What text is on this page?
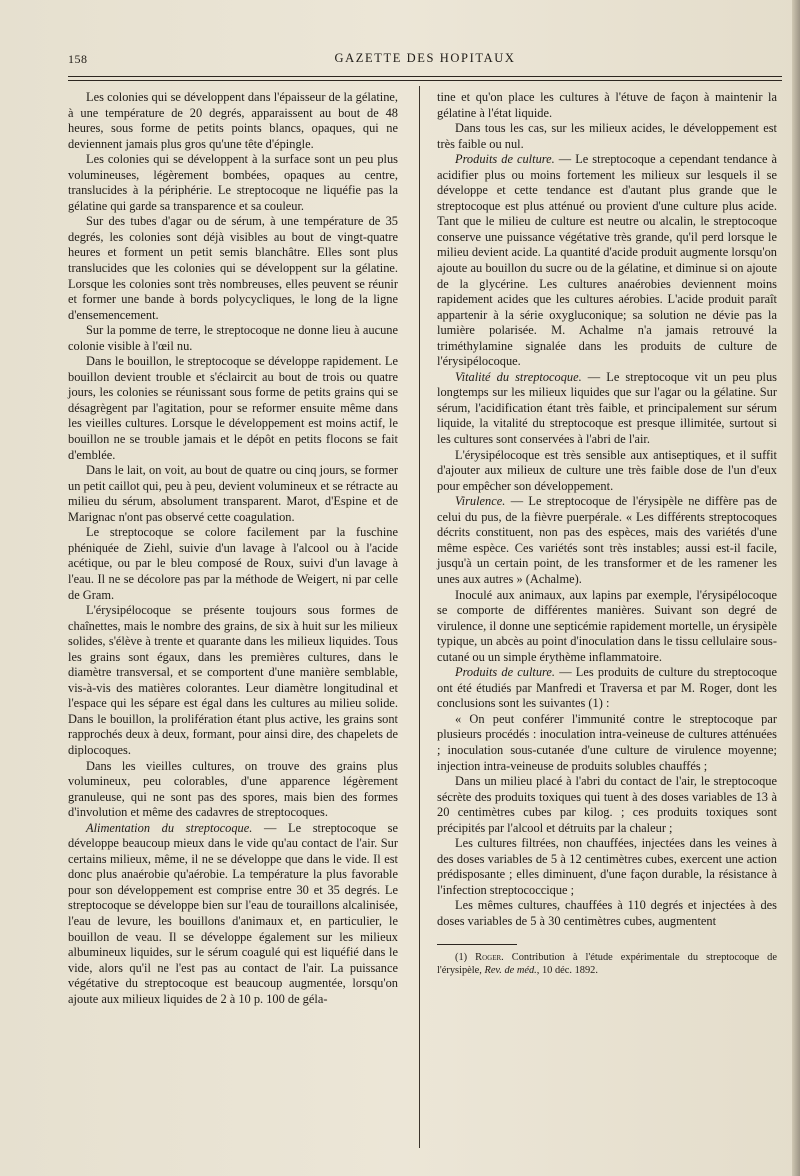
158	GAZETTE DES HOPITAUX

Les colonies qui se développent dans l'épaisseur de la gélatine, à une température de 20 degrés, apparaissent au bout de 48 heures, sous forme de petits points blancs, opaques, qui ne deviennent jamais plus gros qu'une tête d'épingle.

Les colonies qui se développent à la surface sont un peu plus volumineuses, légèrement bombées, opaques au centre, translucides à la périphérie. Le streptocoque ne liquéfie pas la gélatine qui garde sa transparence et sa couleur.

Sur des tubes d'agar ou de sérum, à une température de 35 degrés, les colonies sont déjà visibles au bout de vingt-quatre heures et forment un petit semis blanchâtre. Elles sont plus translucides que les colonies qui se développent sur la gélatine. Lorsque les colonies sont très nombreuses, elles peuvent se réunir et former une bande à bords polycycliques, le long de la ligne d'ensemencement.

Sur la pomme de terre, le streptocoque ne donne lieu à aucune colonie visible à l'œil nu.

Dans le bouillon, le streptocoque se développe rapidement. Le bouillon devient trouble et s'éclaircit au bout de trois ou quatre jours, les colonies se réunissant sous forme de petits grains qui se désagrègent par l'agitation, pour se reformer ensuite même dans les vieilles cultures. Lorsque le développement est moins actif, le bouillon ne se trouble jamais et le dépôt en petits flocons se fait d'emblée.

Dans le lait, on voit, au bout de quatre ou cinq jours, se former un petit caillot qui, peu à peu, devient volumineux et se rétracte au milieu du sérum, absolument transparent. Marot, d'Espine et de Marignac n'ont pas observé cette coagulation.

Le streptocoque se colore facilement par la fuschine phéniquée de Ziehl, suivie d'un lavage à l'alcool ou à l'acide acétique, ou par le bleu composé de Roux, suivi d'un lavage à l'eau. Il ne se décolore pas par la méthode de Weigert, ni par celle de Gram.

L'érysipélocoque se présente toujours sous formes de chaînettes, mais le nombre des grains, de six à huit sur les milieux solides, s'élève à trente et quarante dans les milieux liquides. Tous les grains sont égaux, dans les premières cultures, dans le diamètre transversal, et se comportent d'une manière semblable, vis-à-vis des matières colorantes. Leur diamètre longitudinal et l'espace qui les sépare est égal dans les cultures au milieu solide. Dans le bouillon, la prolifération étant plus active, les grains sont rapprochés deux à deux, formant, pour ainsi dire, des chapelets de diplocoques.

Dans les vieilles cultures, on trouve des grains plus volumineux, peu colorables, d'une apparence légèrement granuleuse, qui ne sont pas des spores, mais bien des formes d'involution et même des cadavres de streptocoques.

Alimentation du streptocoque. — Le streptocoque se développe beaucoup mieux dans le vide qu'au contact de l'air. Sur certains milieux, même, il ne se développe que dans le vide. Il est donc plus anaérobie qu'aérobie. La température la plus favorable pour son développement est comprise entre 30 et 35 degrés. Le streptocoque se développe bien sur l'eau de touraillons alcalinisée, l'eau de levure, les bouillons d'animaux et, en particulier, le bouillon de veau. Il se développe également sur les milieux albumineux liquides, sur le sérum coagulé qui est liquéfié dans le vide, alors qu'il ne l'est pas au contact de l'air. La puissance végétative du streptocoque est beaucoup augmentée, lorsqu'on ajoute aux milieux liquides de 2 à 10 p. 100 de géla-

tine et qu'on place les cultures à l'étuve de façon à maintenir la gélatine à l'état liquide.

Dans tous les cas, sur les milieux acides, le développement est très faible ou nul.

Produits de culture. — Le streptocoque a cependant tendance à acidifier plus ou moins fortement les milieux sur lesquels il se développe et cette tendance est d'autant plus grande que le streptocoque est plus atténué ou provient d'une culture plus acide. Tant que le milieu de culture est neutre ou alcalin, le streptocoque conserve une puissance végétative très grande, qu'il perd lorsque le milieu devient acide. La quantité d'acide produit augmente lorsqu'on ajoute au bouillon du sucre ou de la gélatine, et diminue si on ajoute de la glycérine. Les cultures anaérobies deviennent moins rapidement acides que les cultures aérobies. L'acide produit paraît appartenir à la série oxygluconique; sa solution ne dévie pas la lumière polarisée. M. Achalme n'a jamais retrouvé la triméthylamine signalée dans les produits de culture de l'érysipélocoque.

Vitalité du streptocoque. — Le streptocoque vit un peu plus longtemps sur les milieux liquides que sur l'agar ou la gélatine. Sur sérum, l'acidification étant très faible, et principalement sur sérum liquide, la vitalité du streptocoque est presque illimitée, surtout si les cultures sont conservées à l'abri de l'air.

L'érysipélocoque est très sensible aux antiseptiques, et il suffit d'ajouter aux milieux de culture une très faible dose de l'un d'eux pour empêcher son développement.

Virulence. — Le streptocoque de l'érysipèle ne diffère pas de celui du pus, de la fièvre puerpérale. « Les différents streptocoques décrits constituent, non pas des espèces, mais des variétés d'une même espèce. Ces variétés sont très instables; aussi est-il facile, jusqu'à un certain point, de les transformer et de les ramener les unes aux autres » (Achalme).

Inoculé aux animaux, aux lapins par exemple, l'érysipélocoque se comporte de différentes manières. Suivant son degré de virulence, il donne une septicémie rapidement mortelle, un érysipèle typique, un abcès au point d'inoculation dans le tissu cellulaire sous-cutané ou un simple érythème inflammatoire.

Produits de culture. — Les produits de culture du streptocoque ont été étudiés par Manfredi et Traversa et par M. Roger, dont les conclusions sont les suivantes (1) :

« On peut conférer l'immunité contre le streptocoque par plusieurs procédés : inoculation intra-veineuse de cultures atténuées ; inoculation sous-cutanée d'une culture de virulence moyenne; injection intra-veineuse de produits solubles chauffés ;

Dans un milieu placé à l'abri du contact de l'air, le streptocoque sécrète des produits toxiques qui tuent à des doses variables de 13 à 20 centimètres cubes par kilog. ; ces produits toxiques sont précipités par l'alcool et détruits par la chaleur ;

Les cultures filtrées, non chauffées, injectées dans les veines à des doses variables de 5 à 12 centimètres cubes, exercent une action prédisposante ; elles diminuent, d'une façon durable, la résistance à l'infection streptococcique ;

Les mêmes cultures, chauffées à 110 degrés et injectées à des doses variables de 5 à 30 centimètres cubes, augmentent

(1) Roger. Contribution à l'étude expérimentale du streptocoque de l'érysipèle, Rev. de méd., 10 déc. 1892.
